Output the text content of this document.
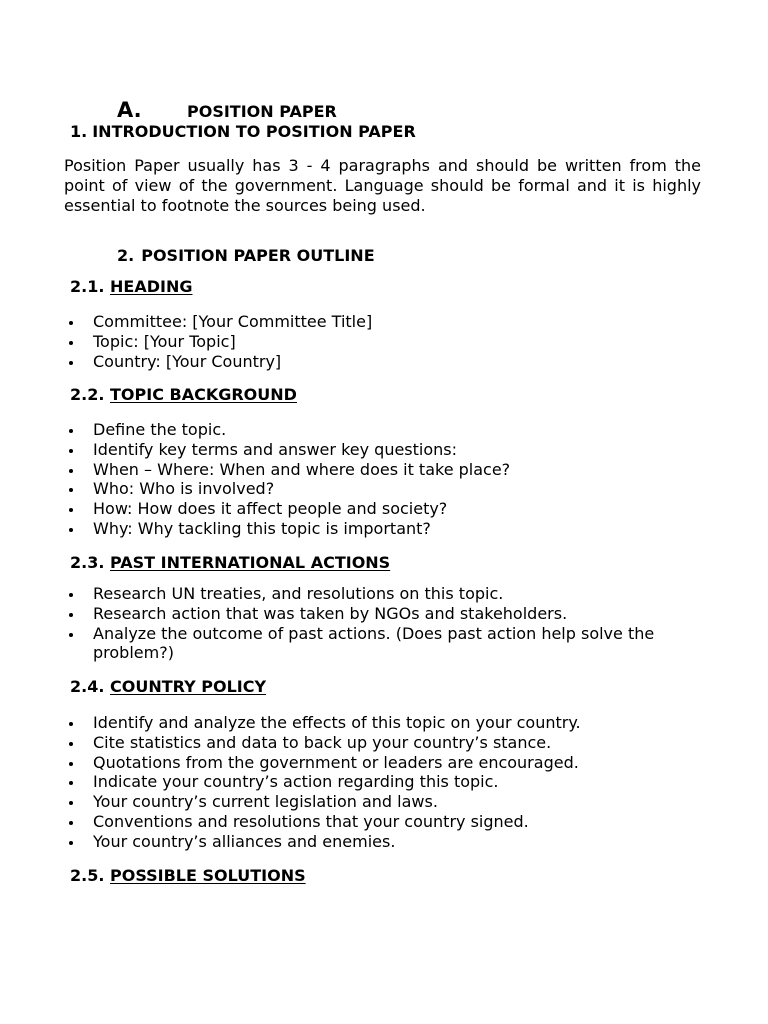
A.	POSITION PAPER
1. INTRODUCTION TO POSITION PAPER

Position Paper usually has 3 - 4 paragraphs and should be written from the point of view of the government. Language should be formal and it is highly essential to footnote the sources being used.

2. POSITION PAPER OUTLINE
2.1. HEADING
Committee: [Your Committee Title]
Topic: [Your Topic]
Country: [Your Country]
2.2. TOPIC BACKGROUND
Define the topic.
Identify key terms and answer key questions:
When – Where: When and where does it take place?
Who: Who is involved?
How: How does it affect people and society?
Why: Why tackling this topic is important?
2.3. PAST INTERNATIONAL ACTIONS
Research UN treaties, and resolutions on this topic.
Research action that was taken by NGOs and stakeholders.
Analyze the outcome of past actions. (Does past action help solve the problem?)
2.4. COUNTRY POLICY
Identify and analyze the effects of this topic on your country.
Cite statistics and data to back up your country’s stance.
Quotations from the government or leaders are encouraged.
Indicate your country’s action regarding this topic.
Your country’s current legislation and laws.
Conventions and resolutions that your country signed.
Your country’s alliances and enemies.
2.5. POSSIBLE SOLUTIONS
